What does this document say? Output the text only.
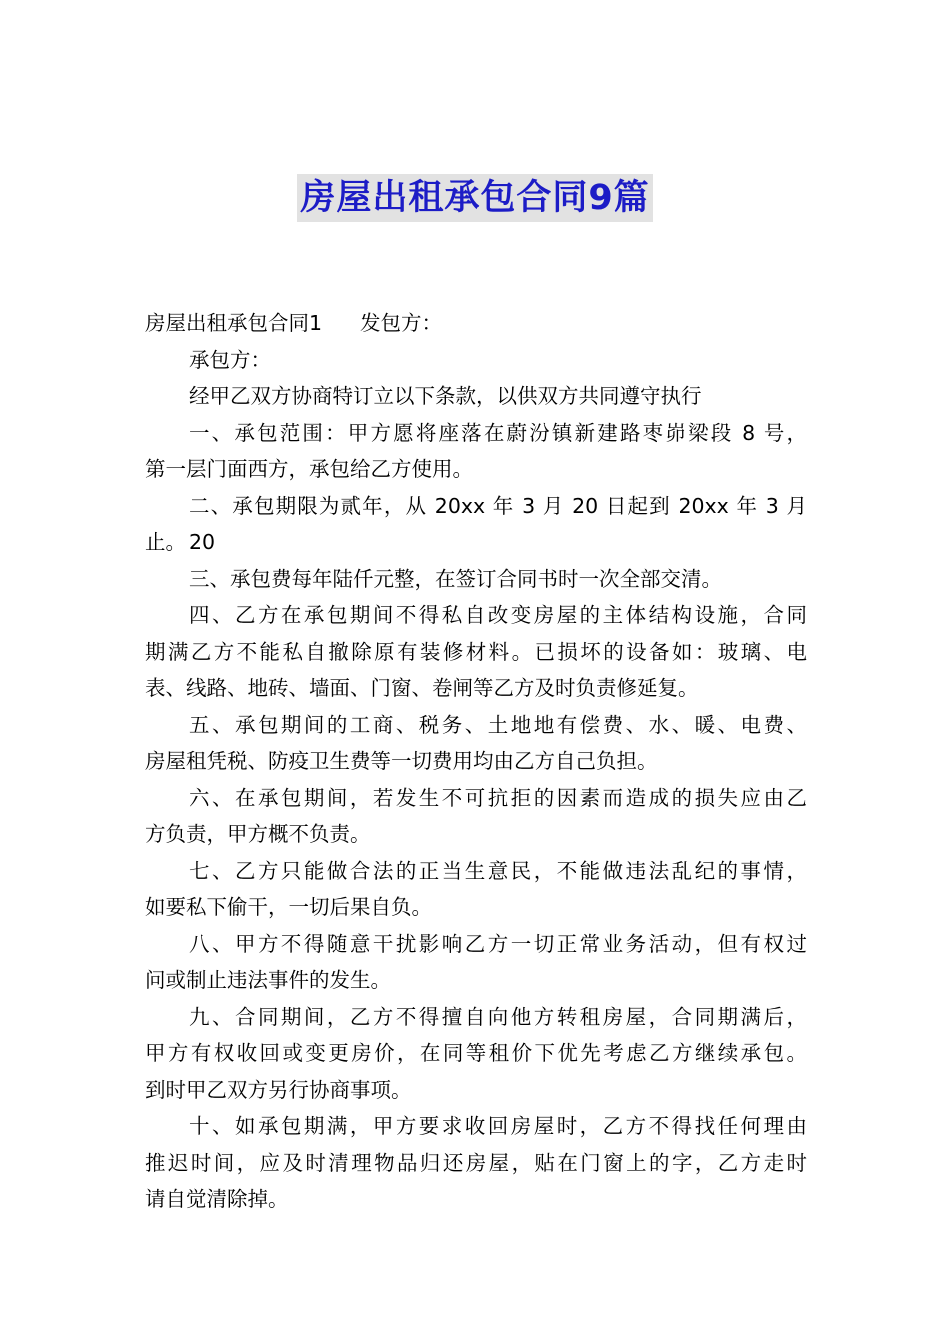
房屋出租承包合同9篇
房屋出租承包合同1 发包方：
承包方：
经甲乙双方协商特订立以下条款，以供双方共同遵守执行
一、承包范围：甲方愿将座落在蔚汾镇新建路枣峁梁段 8 号，
第一层门面西方，承包给乙方使用。
二、承包期限为贰年，从 20xx 年 3 月 20 日起到 20xx 年 3 月 20
止。
三、承包费每年陆仟元整，在签订合同书时一次全部交清。
四、乙方在承包期间不得私自改变房屋的主体结构设施，合同
期满乙方不能私自撤除原有装修材料。已损坏的设备如：玻璃、电
表、线路、地砖、墙面、门窗、卷闸等乙方及时负责修延复。
五、承包期间的工商、税务、土地地有偿费、水、暖、电费、
房屋租凭税、防疫卫生费等一切费用均由乙方自己负担。
六、在承包期间，若发生不可抗拒的因素而造成的损失应由乙
方负责，甲方概不负责。
七、乙方只能做合法的正当生意民，不能做违法乱纪的事情，
如要私下偷干，一切后果自负。
八、甲方不得随意干扰影响乙方一切正常业务活动，但有权过
问或制止违法事件的发生。
九、合同期间，乙方不得擅自向他方转租房屋，合同期满后，
甲方有权收回或变更房价，在同等租价下优先考虑乙方继续承包。
到时甲乙双方另行协商事项。
十、如承包期满，甲方要求收回房屋时，乙方不得找任何理由
推迟时间，应及时清理物品归还房屋，贴在门窗上的字，乙方走时
请自觉清除掉。
